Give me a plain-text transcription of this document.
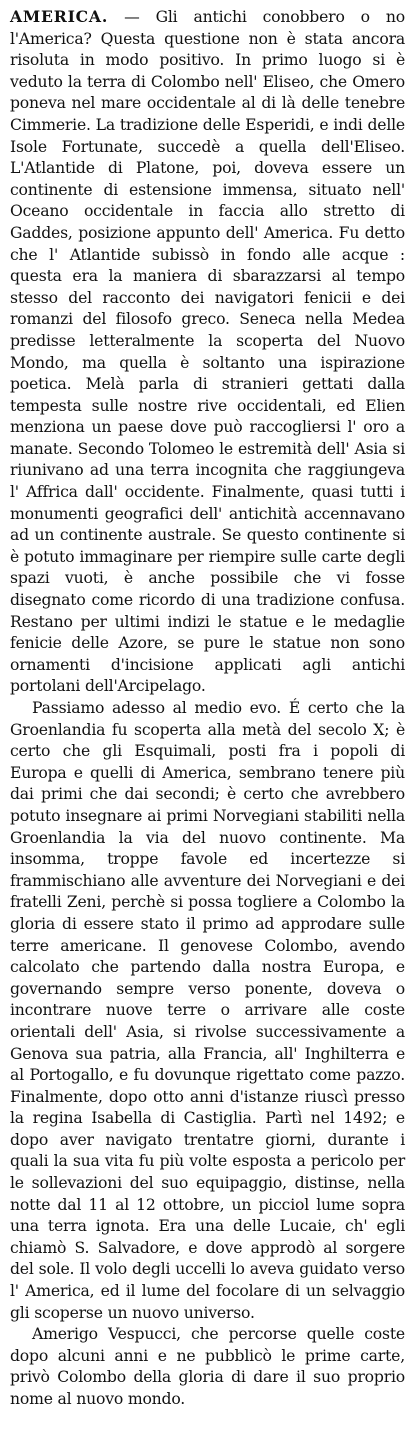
AMERICA. — Gli antichi conobbero o no l'America? Questa questione non è stata ancora risoluta in modo positivo. In primo luogo si è veduto la terra di Colombo nell' Eliseo, che Omero poneva nel mare occidentale al di là delle tenebre Cimmerie. La tradizione delle Esperidi, e indi delle Isole Fortunate, succedè a quella dell'Eliseo. L'Atlantide di Platone, poi, doveva essere un continente di estensione immensa, situato nell' Oceano occidentale in faccia allo stretto di Gaddes, posizione appunto dell' America. Fu detto che l' Atlantide subissò in fondo alle acque : questa era la maniera di sbarazzarsi al tempo stesso del racconto dei navigatori fenicii e dei romanzi del filosofo greco. Seneca nella Medea predisse letteralmente la scoperta del Nuovo Mondo, ma quella è soltanto una ispirazione poetica. Melà parla di stranieri gettati dalla tempesta sulle nostre rive occidentali, ed Elien menziona un paese dove può raccogliersi l' oro a manate. Secondo Tolomeo le estremità dell' Asia si riunivano ad una terra incognita che raggiungeva l' Affrica dall' occidente. Finalmente, quasi tutti i monumenti geografici dell' antichità accennavano ad un continente australe. Se questo continente si è potuto immaginare per riempire sulle carte degli spazi vuoti, è anche possibile che vi fosse disegnato come ricordo di una tradizione confusa. Restano per ultimi indizi le statue e le medaglie fenicie delle Azore, se pure le statue non sono ornamenti d'incisione applicati agli antichi portolani dell'Arcipelago.

Passiamo adesso al medio evo. É certo che la Groenlandia fu scoperta alla metà del secolo X; è certo che gli Esquimali, posti fra i popoli di Europa e quelli di America, sembrano tenere più dai primi che dai secondi; è certo che avrebbero potuto insegnare ai primi Norvegiani stabiliti nella Groenlandia la via del nuovo continente. Ma insomma, troppe favole ed incertezze si frammischiano alle avventure dei Norvegiani e dei fratelli Zeni, perchè si possa togliere a Colombo la gloria di essere stato il primo ad approdare sulle terre americane. Il genovese Colombo, avendo calcolato che partendo dalla nostra Europa, e governando sempre verso ponente, doveva o incontrare nuove terre o arrivare alle coste orientali dell' Asia, si rivolse successivamente a Genova sua patria, alla Francia, all' Inghilterra e al Portogallo, e fu dovunque rigettato come pazzo. Finalmente, dopo otto anni d'istanze riuscì presso la regina Isabella di Castiglia. Partì nel 1492; e dopo aver navigato trentatre giorni, durante i quali la sua vita fu più volte esposta a pericolo per le sollevazioni del suo equipaggio, distinse, nella notte dal 11 al 12 ottobre, un picciol lume sopra una terra ignota. Era una delle Lucaie, ch' egli chiamò S. Salvadore, e dove approdò al sorgere del sole. Il volo degli uccelli lo aveva guidato verso l' America, ed il lume del focolare di un selvaggio gli scoperse un nuovo universo.

Amerigo Vespucci, che percorse quelle coste dopo alcuni anni e ne pubblicò le prime carte, privò Colombo della gloria di dare il suo proprio nome al nuovo mondo.
